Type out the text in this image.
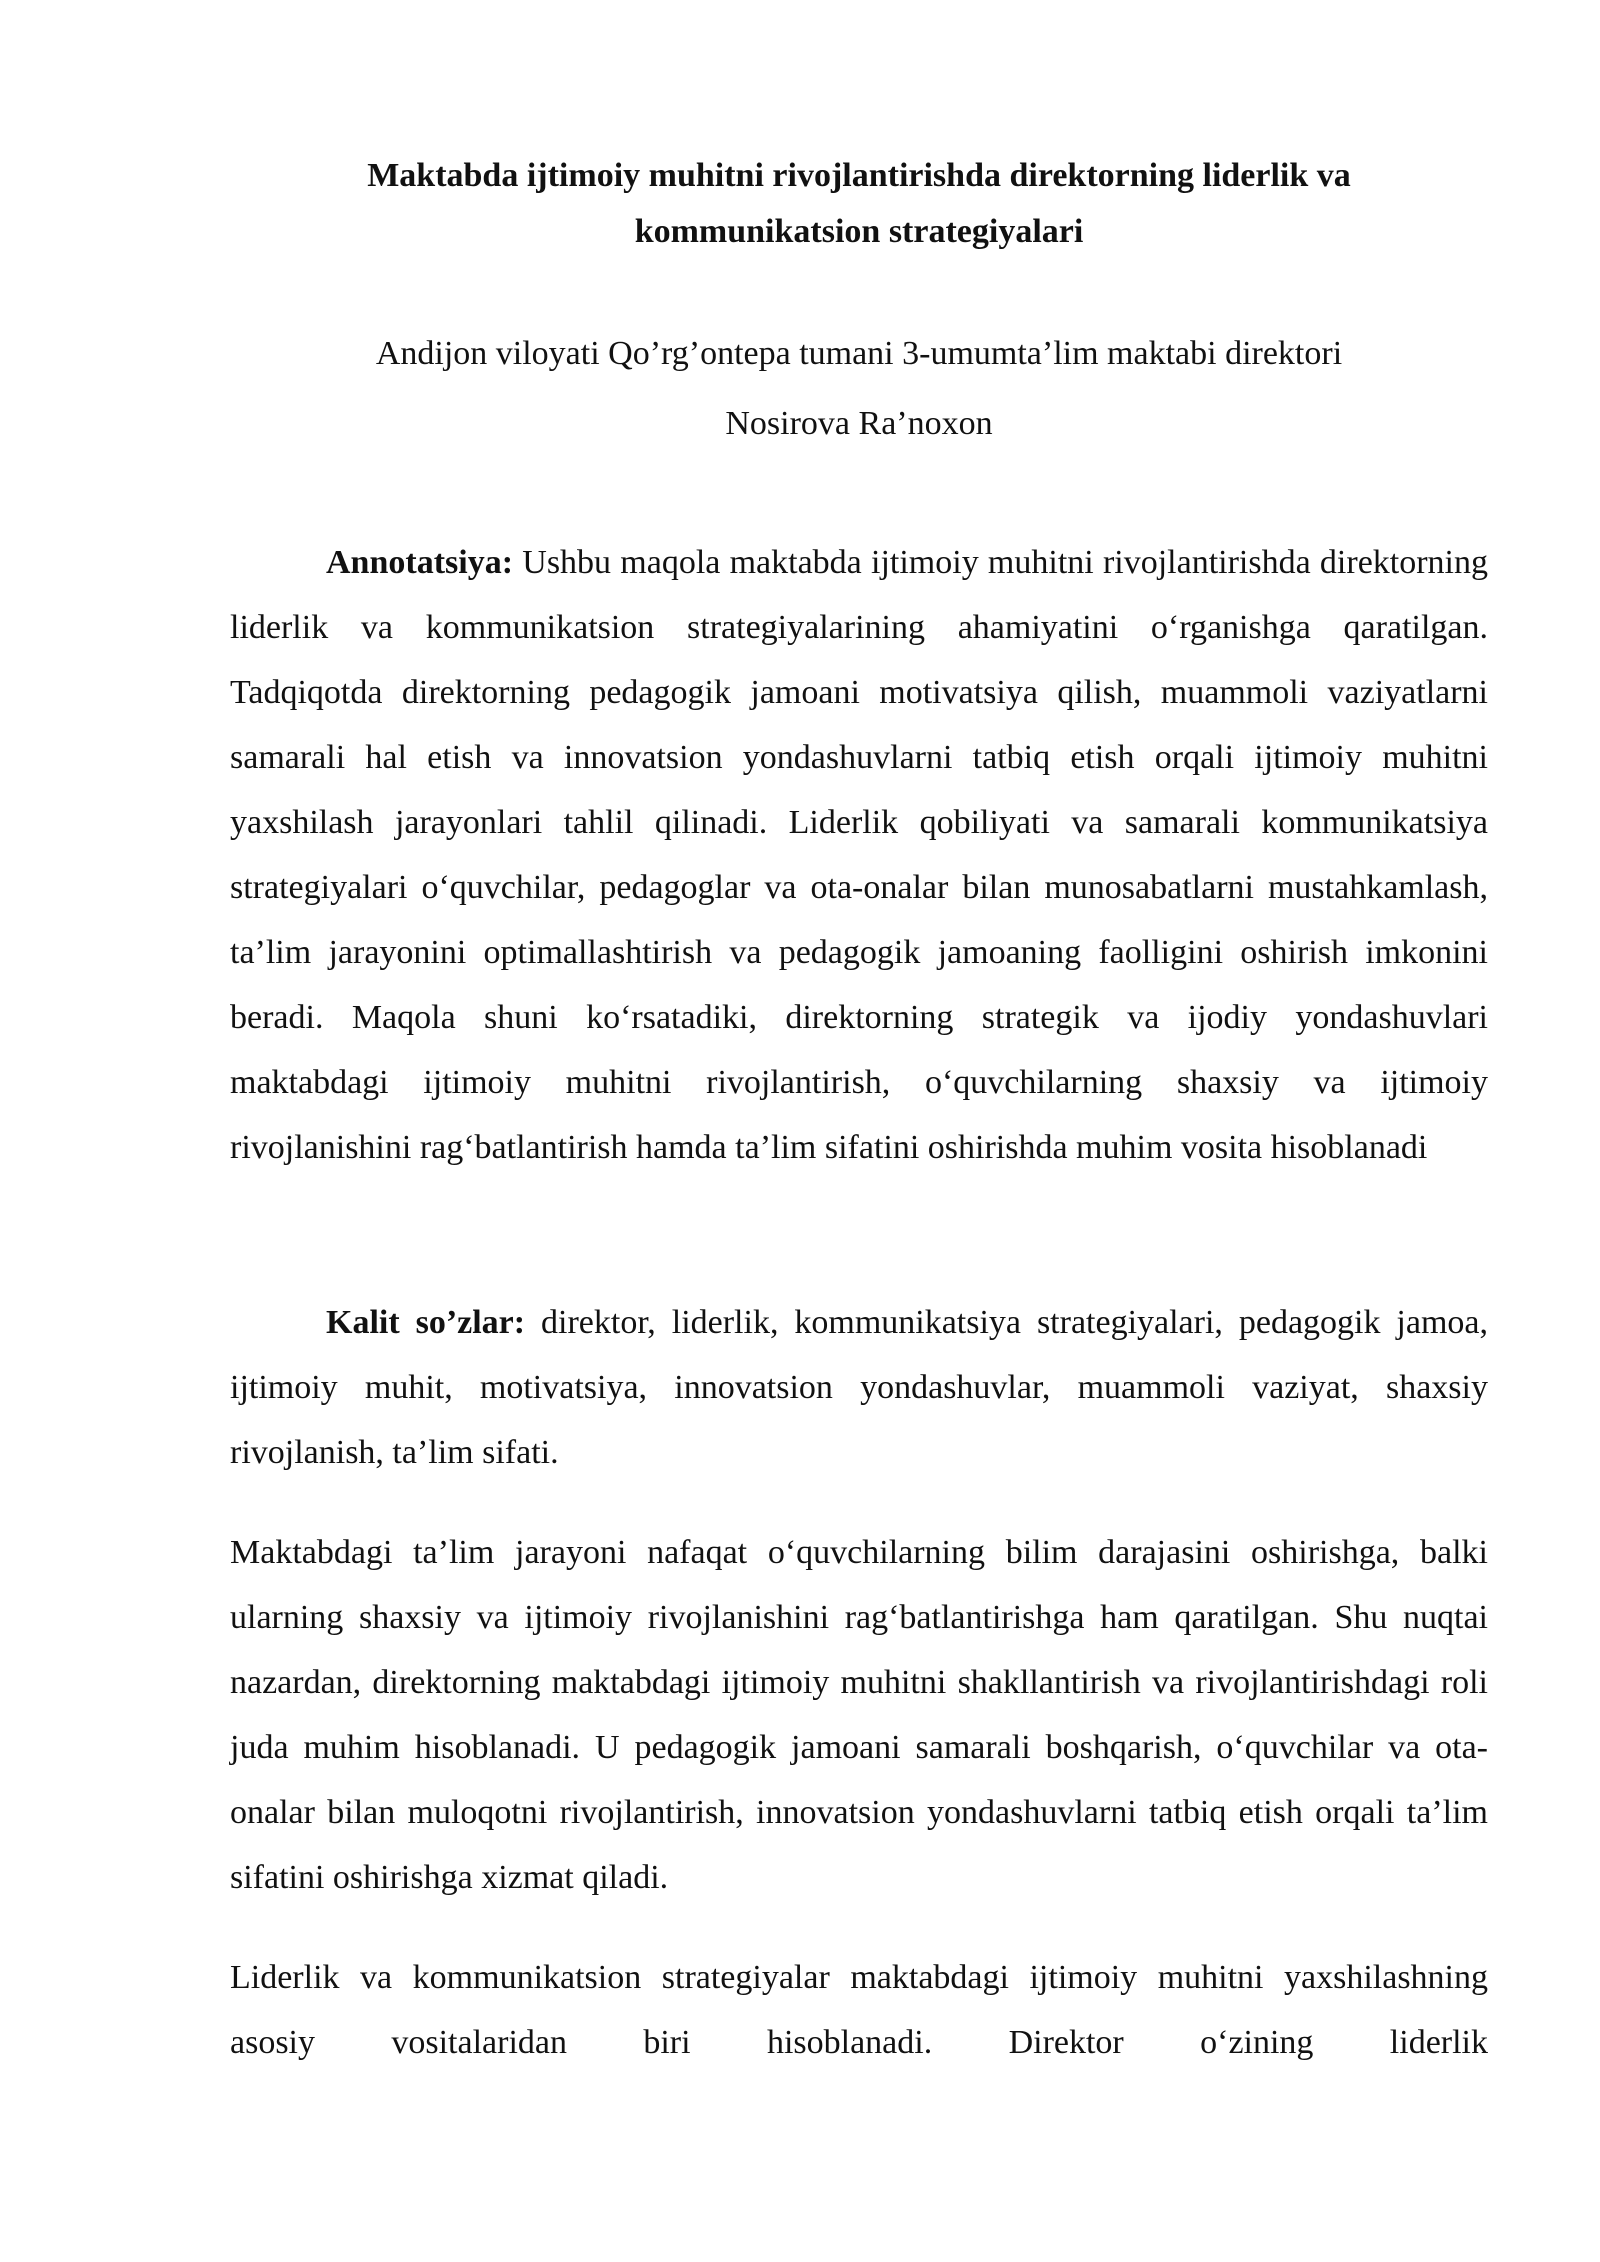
Maktabda ijtimoiy muhitni rivojlantirishda direktorning liderlik va
kommunikatsion strategiyalari
Andijon viloyati Qo’rg’ontepa tumani 3-umumta’lim maktabi direktori
Nosirova Ra’noxon

Annotatsiya: Ushbu maqola maktabda ijtimoiy muhitni rivojlantirishda direktorning liderlik va kommunikatsion strategiyalarining ahamiyatini o‘rganishga qaratilgan. Tadqiqotda direktorning pedagogik jamoani motivatsiya qilish, muammoli vaziyatlarni samarali hal etish va innovatsion yondashuvlarni tatbiq etish orqali ijtimoiy muhitni yaxshilash jarayonlari tahlil qilinadi. Liderlik qobiliyati va samarali kommunikatsiya strategiyalari o‘quvchilar, pedagoglar va ota-onalar bilan munosabatlarni mustahkamlash, ta’lim jarayonini optimallashtirish va pedagogik jamoaning faolligini oshirish imkonini beradi. Maqola shuni ko‘rsatadiki, direktorning strategik va ijodiy yondashuvlari maktabdagi ijtimoiy muhitni rivojlantirish, o‘quvchilarning shaxsiy va ijtimoiy rivojlanishini rag‘batlantirish hamda ta’lim sifatini oshirishda muhim vosita hisoblanadi

Kalit so’zlar: direktor, liderlik, kommunikatsiya strategiyalari, pedagogik jamoa, ijtimoiy muhit, motivatsiya, innovatsion yondashuvlar, muammoli vaziyat, shaxsiy rivojlanish, ta’lim sifati.

Maktabdagi ta’lim jarayoni nafaqat o‘quvchilarning bilim darajasini oshirishga, balki ularning shaxsiy va ijtimoiy rivojlanishini rag‘batlantirishga ham qaratilgan. Shu nuqtai nazardan, direktorning maktabdagi ijtimoiy muhitni shakllantirish va rivojlantirishdagi roli juda muhim hisoblanadi. U pedagogik jamoani samarali boshqarish, o‘quvchilar va ota-onalar bilan muloqotni rivojlantirish, innovatsion yondashuvlarni tatbiq etish orqali ta’lim sifatini oshirishga xizmat qiladi.

Liderlik va kommunikatsion strategiyalar maktabdagi ijtimoiy muhitni yaxshilashning asosiy vositalaridan biri hisoblanadi. Direktor o‘zining liderlik
